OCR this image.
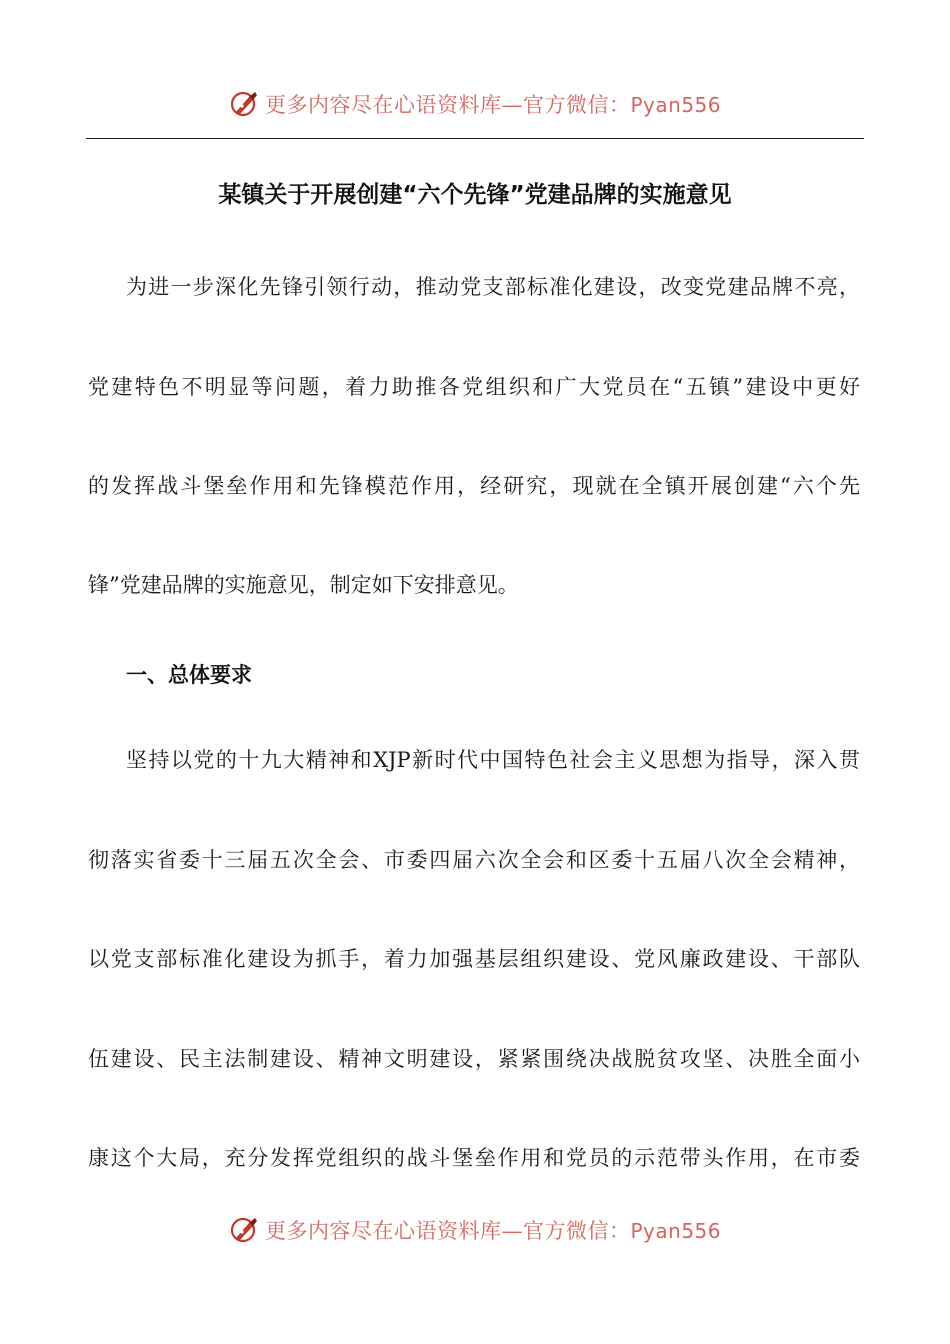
更多内容尽在心语资料库—官方微信：Pyan556
某镇关于开展创建“六个先锋”党建品牌的实施意见
为进一步深化先锋引领行动，推动党支部标准化建设，改变党建品牌不亮，
党建特色不明显等问题，着力助推各党组织和广大党员在“五镇”建设中更好
的发挥战斗堡垒作用和先锋模范作用，经研究，现就在全镇开展创建“六个先
锋”党建品牌的实施意见，制定如下安排意见。
一、总体要求
坚持以党的十九大精神和XJP新时代中国特色社会主义思想为指导，深入贯
彻落实省委十三届五次全会、市委四届六次全会和区委十五届八次全会精神，
以党支部标准化建设为抓手，着力加强基层组织建设、党风廉政建设、干部队
伍建设、民主法制建设、精神文明建设，紧紧围绕决战脱贫攻坚、决胜全面小
康这个大局，充分发挥党组织的战斗堡垒作用和党员的示范带头作用，在市委
更多内容尽在心语资料库—官方微信：Pyan556
